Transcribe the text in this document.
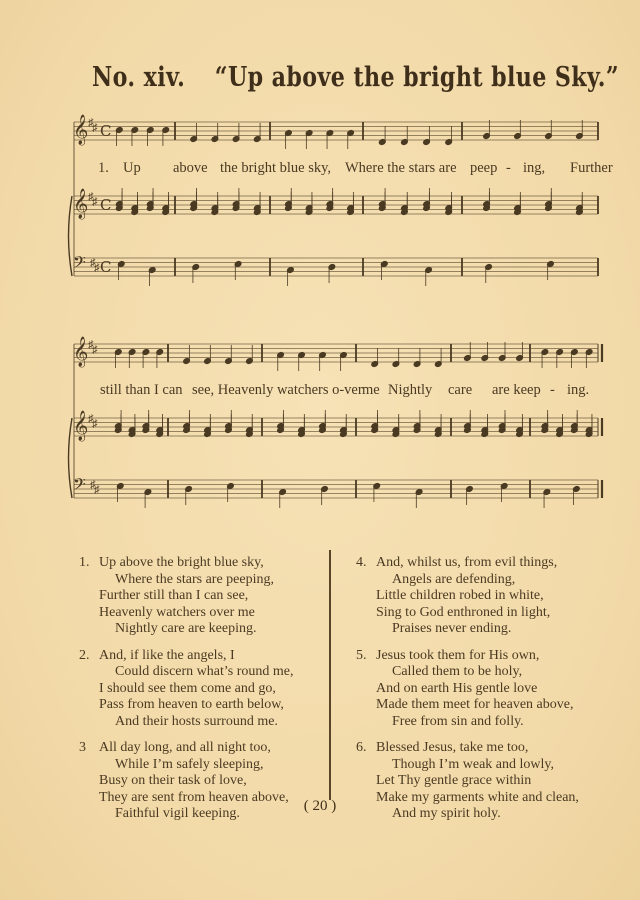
No. xiv. “Up above the bright blue Sky.”
𝄞 ♯
♯
𝄞 ♯
♯
𝄢 ♯
♯
C
C
C
1. Up above the bright blue sky, Where the stars are peep - ing, Further
𝄞 ♯
♯
𝄞 ♯
♯
𝄢 ♯
♯
still than I can see, Heavenly watchers o-ver me Nightly care are keep - ing.
1. Up above the bright blue sky,
Where the stars are peeping,
Further still than I can see,
Heavenly watchers over me
Nightly care are keeping.
2. And, if like the angels, I
Could discern what’s round me,
I should see them come and go,
Pass from heaven to earth below,
And their hosts surround me.
3 All day long, and all night too,
While I’m safely sleeping,
Busy on their task of love,
They are sent from heaven above,
Faithful vigil keeping.
4. And, whilst us, from evil things,
Angels are defending,
Little children robed in white,
Sing to God enthroned in light,
Praises never ending.
5. Jesus took them for His own,
Called them to be holy,
And on earth His gentle love
Made them meet for heaven above,
Free from sin and folly.
6. Blessed Jesus, take me too,
Though I’m weak and lowly,
Let Thy gentle grace within
Make my garments white and clean,
And my spirit holy.
( 20 )
